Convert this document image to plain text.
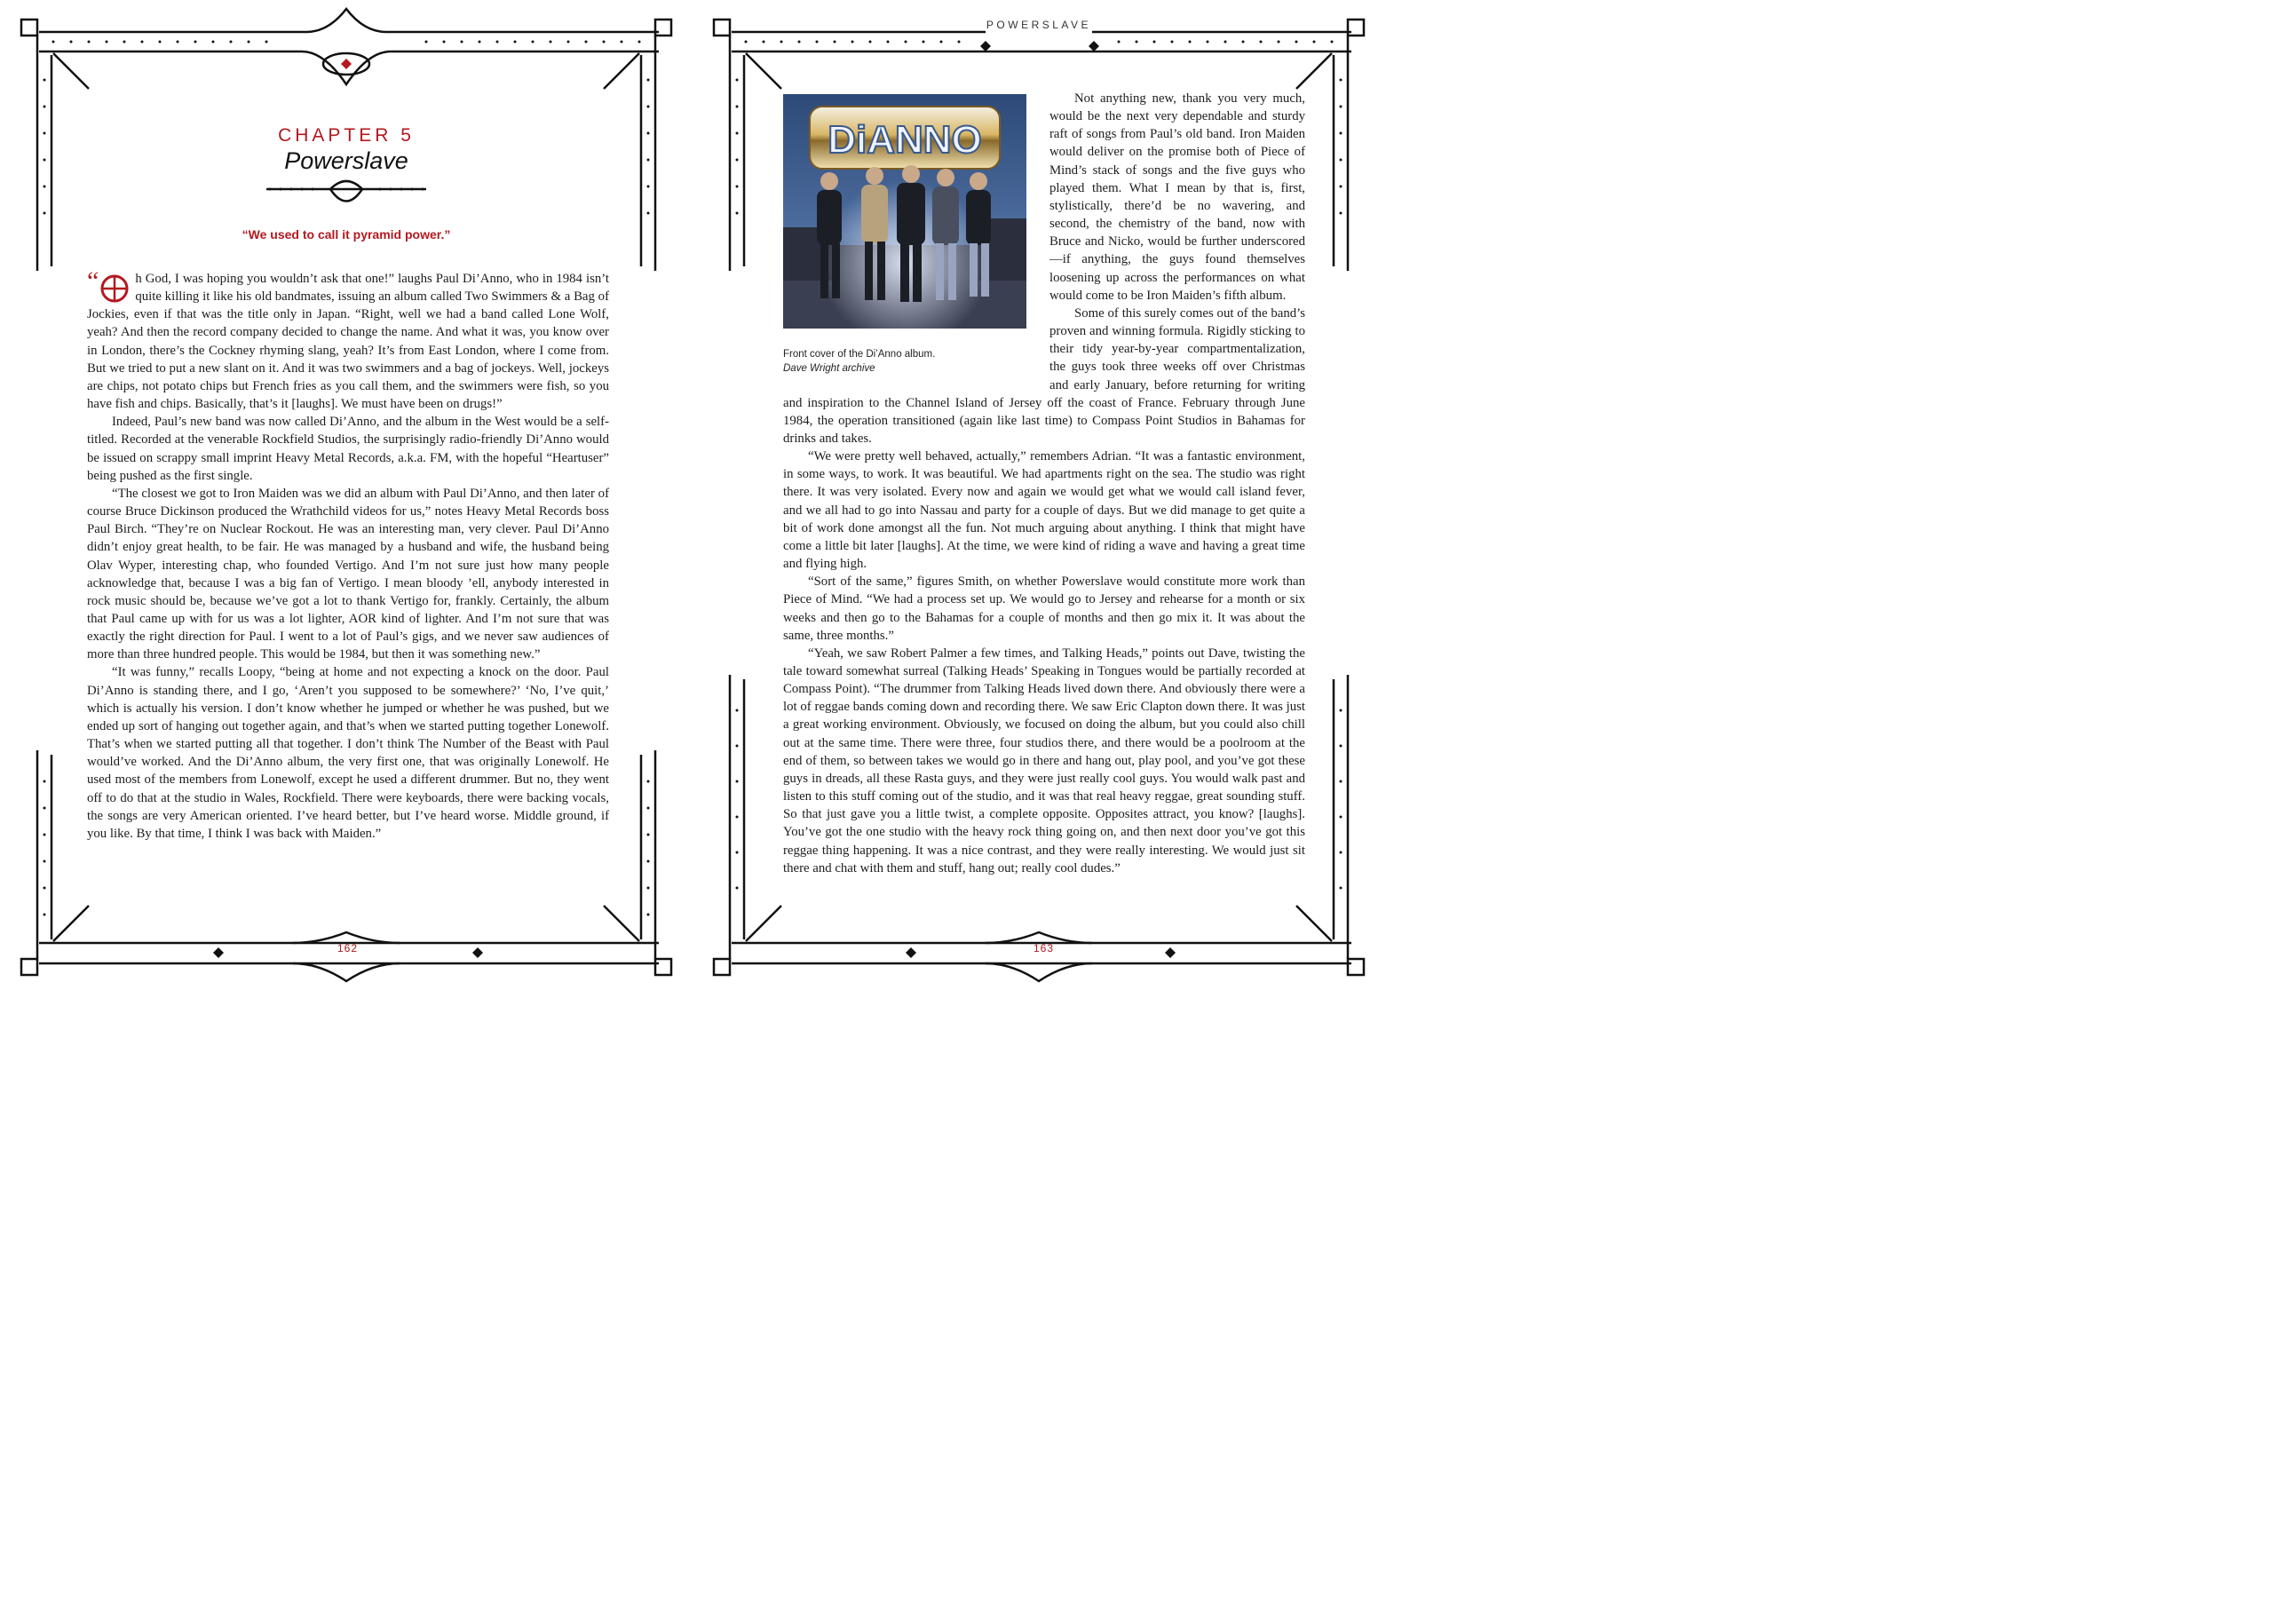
CHAPTER 5
Powerslave
“We used to call it pyramid power.”
“	h God, I was hoping you wouldn’t ask that one!” laughs Paul Di’Anno, who in 1984 isn’t quite killing it like his old bandmates, issuing an album called Two Swimmers & a Bag of Jockies, even if that was the title only in Japan. “Right, well we had a band called Lone Wolf, yeah? And then the record company decided to change the name. And what it was, you know over in London, there’s the Cockney rhyming slang, yeah? It’s from East London, where I come from. But we tried to put a new slant on it. And it was two swimmers and a bag of jockeys. Well, jockeys are chips, not potato chips but French fries as you call them, and the swimmers were fish, so you have fish and chips. Basically, that’s it [laughs]. We must have been on drugs!”

Indeed, Paul’s new band was now called Di’Anno, and the album in the West would be a self-titled. Recorded at the venerable Rockfield Studios, the surprisingly radio-friendly Di’Anno would be issued on scrappy small imprint Heavy Metal Records, a.k.a. FM, with the hopeful “Heartuser” being pushed as the first single.

“The closest we got to Iron Maiden was we did an album with Paul Di’Anno, and then later of course Bruce Dickinson produced the Wrathchild videos for us,” notes Heavy Metal Records boss Paul Birch. “They’re on Nuclear Rockout. He was an interesting man, very clever. Paul Di’Anno didn’t enjoy great health, to be fair. He was managed by a husband and wife, the husband being Olav Wyper, interesting chap, who founded Vertigo. And I’m not sure just how many people acknowledge that, because I was a big fan of Vertigo. I mean bloody ’ell, anybody interested in rock music should be, because we’ve got a lot to thank Vertigo for, frankly. Certainly, the album that Paul came up with for us was a lot lighter, AOR kind of lighter. And I’m not sure that was exactly the right direction for Paul. I went to a lot of Paul’s gigs, and we never saw audiences of more than three hundred people. This would be 1984, but then it was something new.”

“It was funny,” recalls Loopy, “being at home and not expecting a knock on the door. Paul Di’Anno is standing there, and I go, ‘Aren’t you supposed to be somewhere?’ ‘No, I’ve quit,’ which is actually his version. I don’t know whether he jumped or whether he was pushed, but we ended up sort of hanging out together again, and that’s when we started putting together Lonewolf. That’s when we started putting all that together. I don’t think The Number of the Beast with Paul would’ve worked. And the Di’Anno album, the very first one, that was originally Lonewolf. He used most of the members from Lonewolf, except he used a different drummer. But no, they went off to do that at the studio in Wales, Rockfield. There were keyboards, there were backing vocals, the songs are very American oriented. I’ve heard better, but I’ve heard worse. Middle ground, if you like. By that time, I think I was back with Maiden.”

162
POWERSLAVE
DiANNO
Front cover of the Di’Anno album.
Dave Wright archive

Not anything new, thank you very much, would be the next very dependable and sturdy raft of songs from Paul’s old band. Iron Maiden would deliver on the promise both of Piece of Mind’s stack of songs and the five guys who played them. What I mean by that is, first, stylistically, there’d be no wavering, and second, the chemistry of the band, now with Bruce and Nicko, would be further underscored—if anything, the guys found themselves loosening up across the performances on what would come to be Iron Maiden’s fifth album.

Some of this surely comes out of the band’s proven and winning formula. Rigidly sticking to their tidy year-by-year compartmentalization, the guys took three weeks off over Christmas and early January, before returning for writing and inspiration to the Channel Island of Jersey off the coast of France. February through June 1984, the operation transitioned (again like last time) to Compass Point Studios in Bahamas for drinks and takes.

“We were pretty well behaved, actually,” remembers Adrian. “It was a fantastic environment, in some ways, to work. It was beautiful. We had apartments right on the sea. The studio was right there. It was very isolated. Every now and again we would get what we would call island fever, and we all had to go into Nassau and party for a couple of days. But we did manage to get quite a bit of work done amongst all the fun. Not much arguing about anything. I think that might have come a little bit later [laughs]. At the time, we were kind of riding a wave and having a great time and flying high.

“Sort of the same,” figures Smith, on whether Powerslave would constitute more work than Piece of Mind. “We had a process set up. We would go to Jersey and rehearse for a month or six weeks and then go to the Bahamas for a couple of months and then go mix it. It was about the same, three months.”

“Yeah, we saw Robert Palmer a few times, and Talking Heads,” points out Dave, twisting the tale toward somewhat surreal (Talking Heads’ Speaking in Tongues would be partially recorded at Compass Point). “The drummer from Talking Heads lived down there. And obviously there were a lot of reggae bands coming down and recording there. We saw Eric Clapton down there. It was just a great working environment. Obviously, we focused on doing the album, but you could also chill out at the same time. There were three, four studios there, and there would be a poolroom at the end of them, so between takes we would go in there and hang out, play pool, and you’ve got these guys in dreads, all these Rasta guys, and they were just really cool guys. You would walk past and listen to this stuff coming out of the studio, and it was that real heavy reggae, great sounding stuff. So that just gave you a little twist, a complete opposite. Opposites attract, you know? [laughs]. You’ve got the one studio with the heavy rock thing going on, and then next door you’ve got this reggae thing happening. It was a nice contrast, and they were really interesting. We would just sit there and chat with them and stuff, hang out; really cool dudes.”

163
